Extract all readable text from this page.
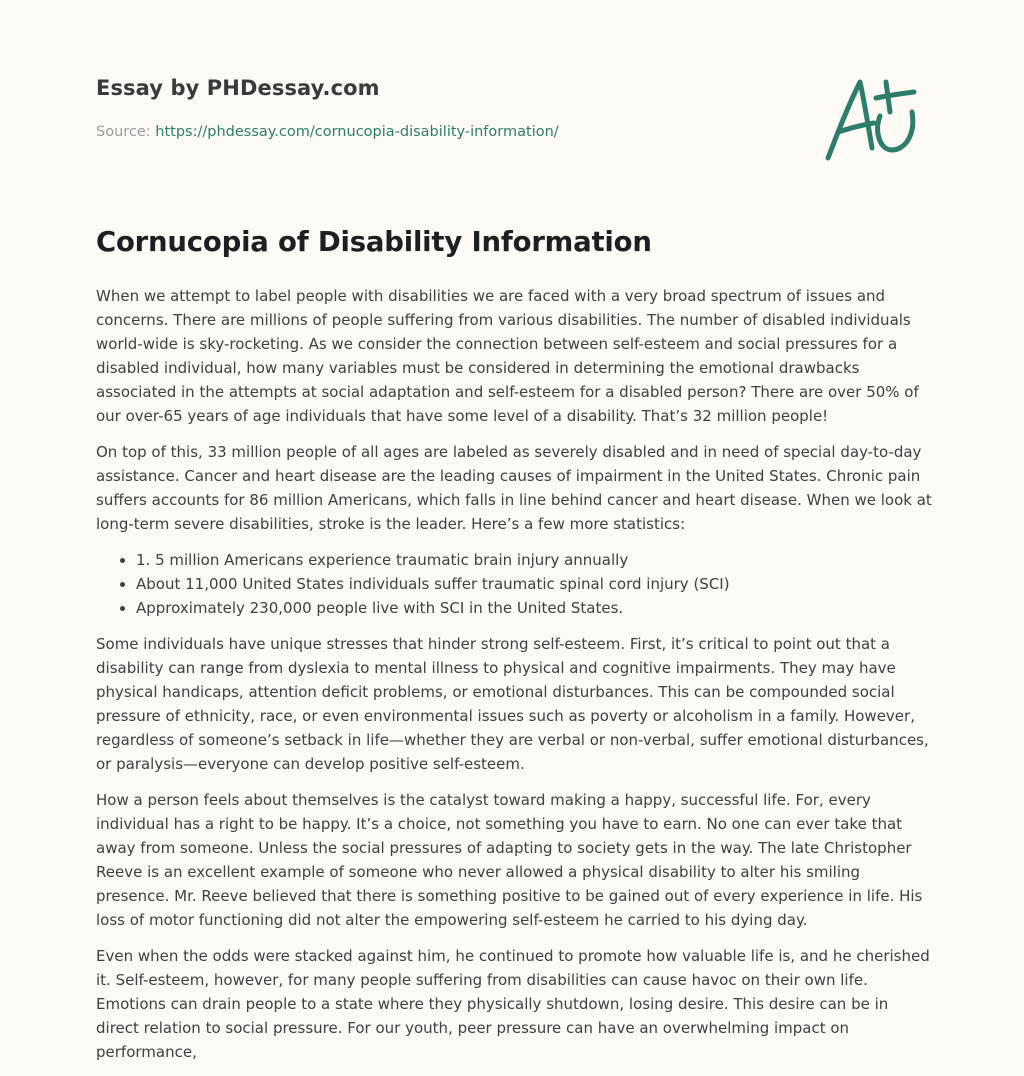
Essay by PHDessay.com
Source: https://phdessay.com/cornucopia-disability-information/
Cornucopia of Disability Information

When we attempt to label people with disabilities we are faced with a very broad spectrum of issues and concerns. There are millions of people suffering from various disabilities. The number of disabled individuals world-wide is sky-rocketing. As we consider the connection between self-esteem and social pressures for a disabled individual, how many variables must be considered in determining the emotional drawbacks associated in the attempts at social adaptation and self-esteem for a disabled person? There are over 50% of our over-65 years of age individuals that have some level of a disability. That’s 32 million people!

On top of this, 33 million people of all ages are labeled as severely disabled and in need of special day-to-day assistance. Cancer and heart disease are the leading causes of impairment in the United States. Chronic pain suffers accounts for 86 million Americans, which falls in line behind cancer and heart disease. When we look at long-term severe disabilities, stroke is the leader. Here’s a few more statistics:

• 1. 5 million Americans experience traumatic brain injury annually
• About 11,000 United States individuals suffer traumatic spinal cord injury (SCI)
• Approximately 230,000 people live with SCI in the United States.

Some individuals have unique stresses that hinder strong self-esteem. First, it’s critical to point out that a disability can range from dyslexia to mental illness to physical and cognitive impairments. They may have physical handicaps, attention deficit problems, or emotional disturbances. This can be compounded social pressure of ethnicity, race, or even environmental issues such as poverty or alcoholism in a family. However, regardless of someone’s setback in life—whether they are verbal or non-verbal, suffer emotional disturbances, or paralysis—everyone can develop positive self-esteem.

How a person feels about themselves is the catalyst toward making a happy, successful life. For, every individual has a right to be happy. It’s a choice, not something you have to earn. No one can ever take that away from someone. Unless the social pressures of adapting to society gets in the way. The late Christopher Reeve is an excellent example of someone who never allowed a physical disability to alter his smiling presence. Mr. Reeve believed that there is something positive to be gained out of every experience in life. His loss of motor functioning did not alter the empowering self-esteem he carried to his dying day.

Even when the odds were stacked against him, he continued to promote how valuable life is, and he cherished it. Self-esteem, however, for many people suffering from disabilities can cause havoc on their own life. Emotions can drain people to a state where they physically shutdown, losing desire. This desire can be in direct relation to social pressure. For our youth, peer pressure can have an overwhelming impact on performance,
